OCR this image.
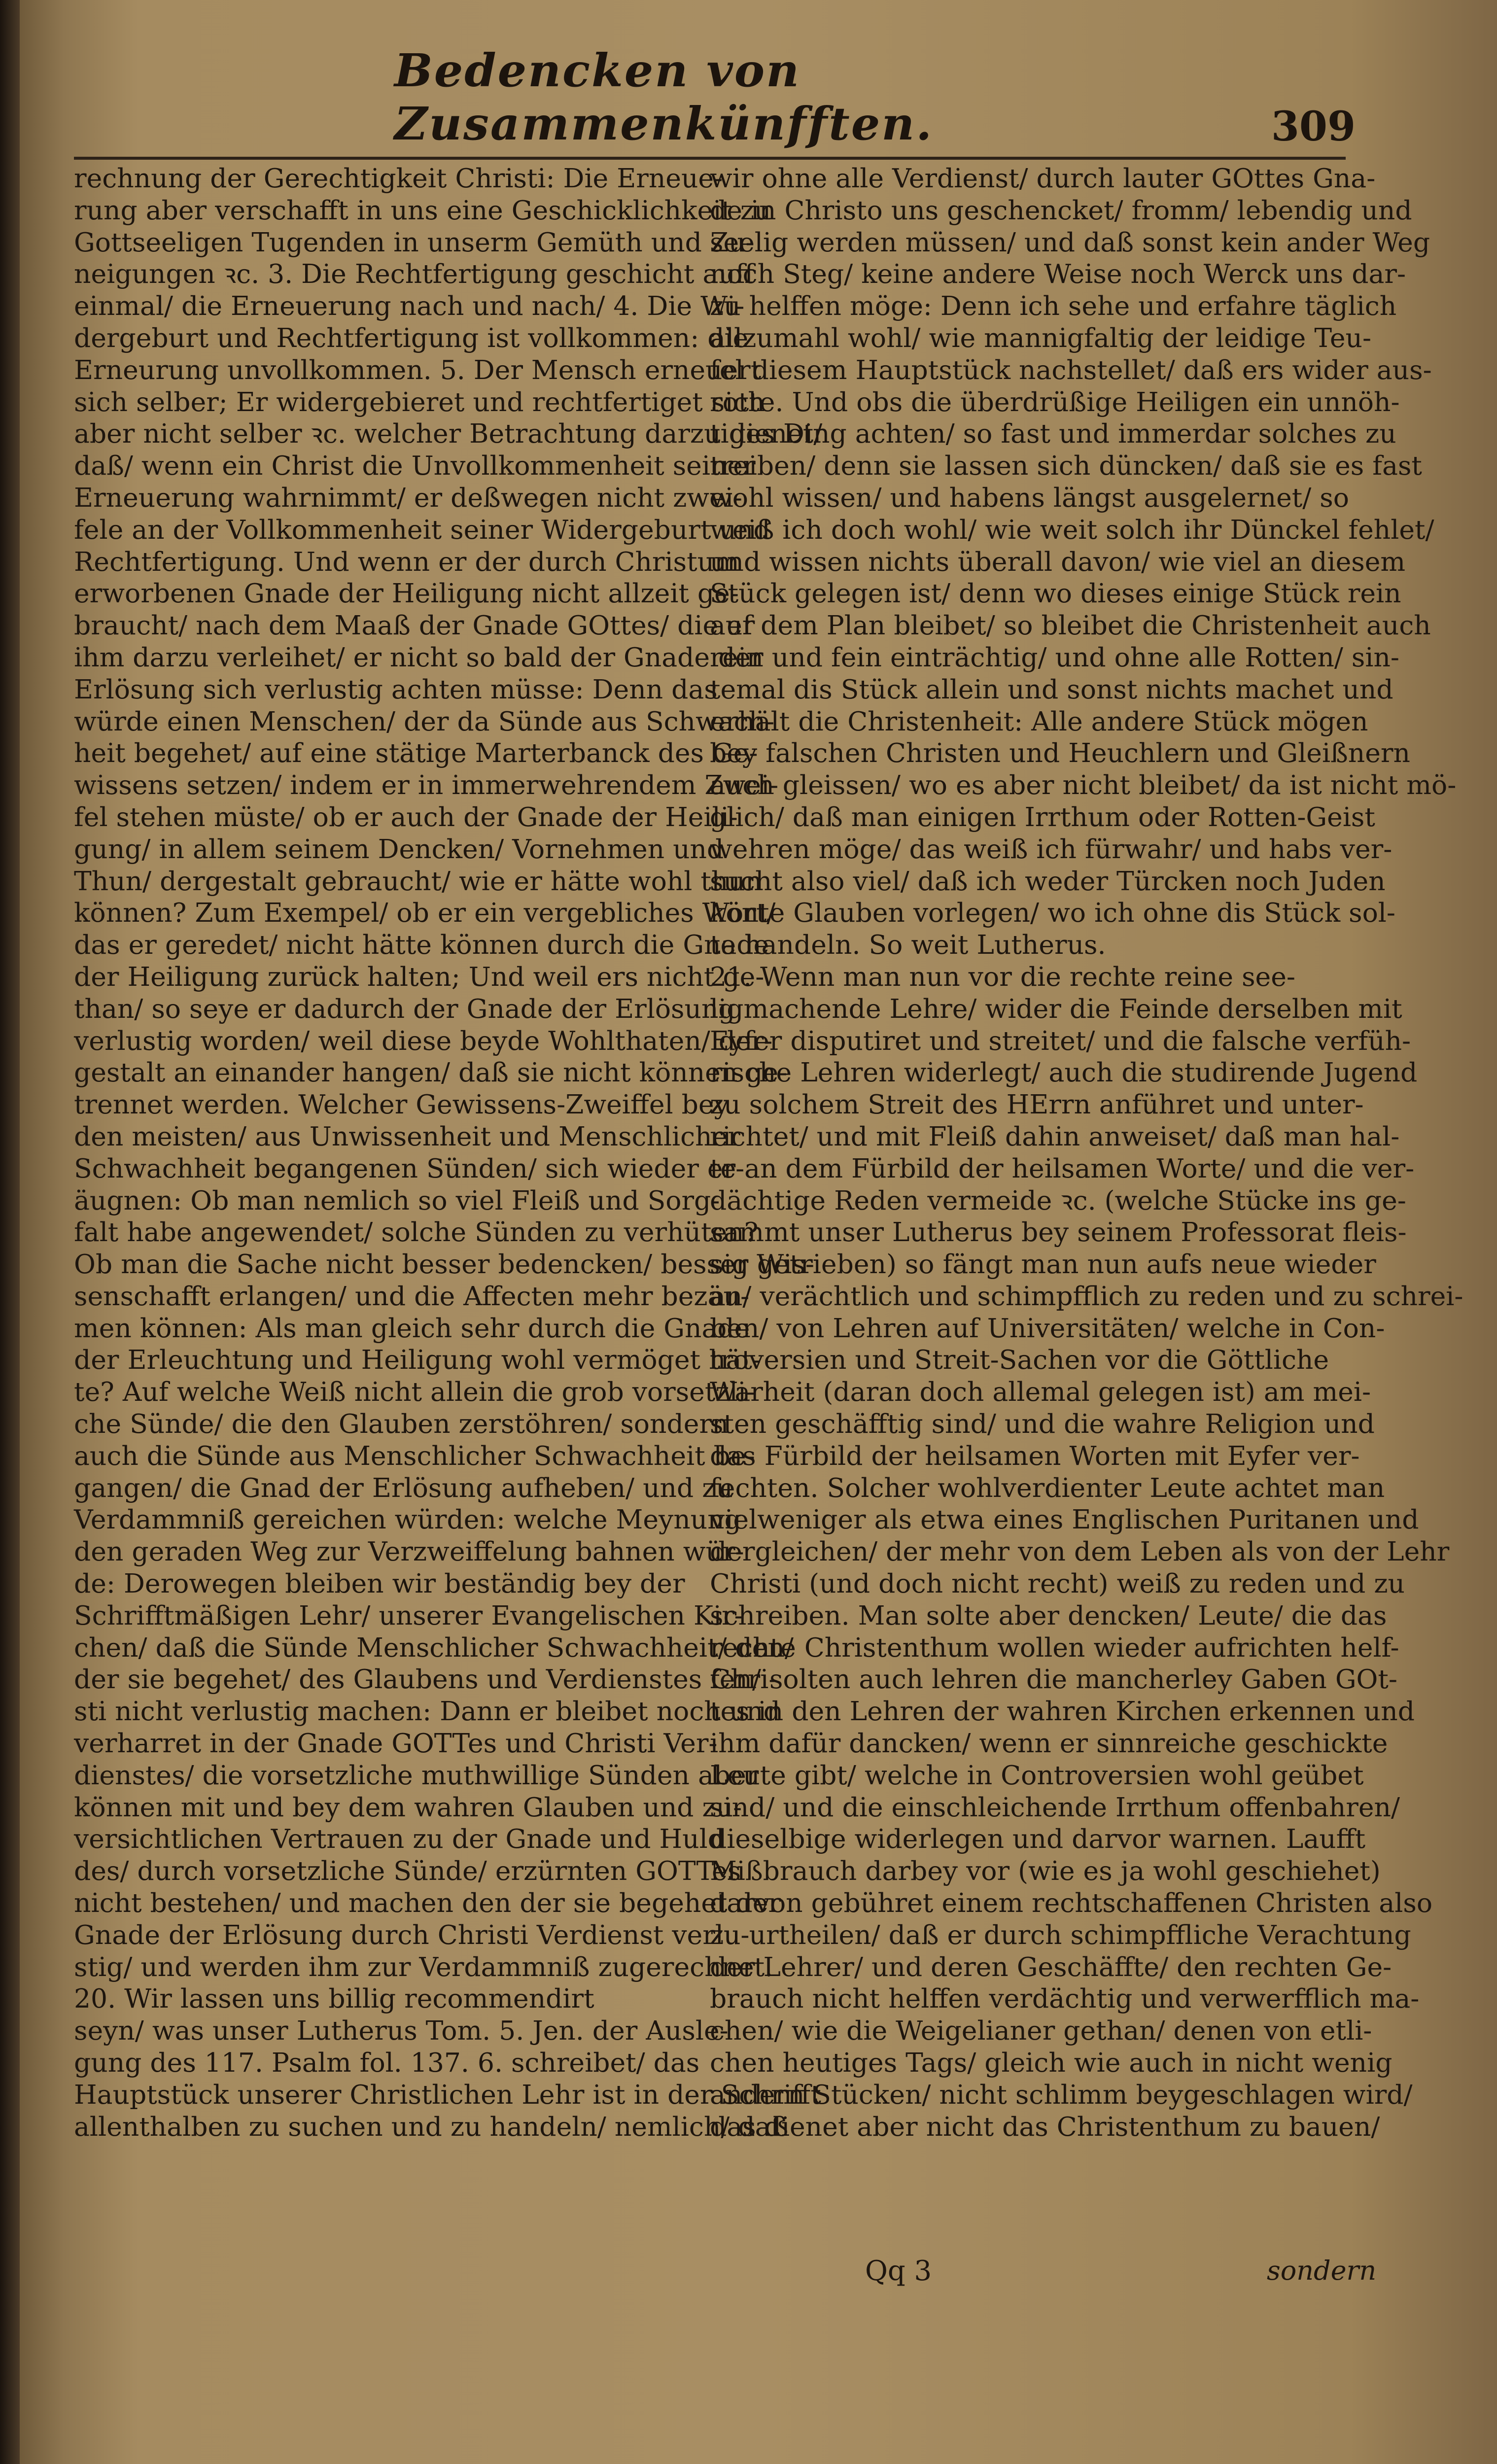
Bedencken von Zusammenkünfften.	309

rechnung der Gerechtigkeit Christi: Die Erneue-

rung aber verschafft in uns eine Geschicklichkeit zu

Gottseeligen Tugenden in unserm Gemüth und Zu-

neigungen ꝛc. 3. Die Rechtfertigung geschicht auff

einmal/ die Erneuerung nach und nach/ 4. Die Wi-

dergeburt und Rechtfertigung ist vollkommen: die

Erneurung unvollkommen. 5. Der Mensch erneuert

sich selber; Er widergebieret und rechtfertiget sich

aber nicht selber ꝛc. welcher Betrachtung darzu dienet/

daß/ wenn ein Christ die Unvollkommenheit seiner

Erneuerung wahrnimmt/ er deßwegen nicht zwei-

fele an der Vollkommenheit seiner Widergeburt und

Rechtfertigung. Und wenn er der durch Christum

erworbenen Gnade der Heiligung nicht allzeit ge-

braucht/ nach dem Maaß der Gnade GOttes/ die er

ihm darzu verleihet/ er nicht so bald der Gnade der

Erlösung sich verlustig achten müsse: Denn das

würde einen Menschen/ der da Sünde aus Schwach-

heit begehet/ auf eine stätige Marterbanck des Ge-

wissens setzen/ indem er in immerwehrendem Zwei-

fel stehen müste/ ob er auch der Gnade der Heili-

gung/ in allem seinem Dencken/ Vornehmen und

Thun/ dergestalt gebraucht/ wie er hätte wohl thun

können? Zum Exempel/ ob er ein vergebliches Wort/

das er geredet/ nicht hätte können durch die Gnade

der Heiligung zurück halten; Und weil ers nicht ge-

than/ so seye er dadurch der Gnade der Erlösung

verlustig worden/ weil diese beyde Wohlthaten/ der-

gestalt an einander hangen/ daß sie nicht können ge-

trennet werden. Welcher Gewissens-Zweiffel bey

den meisten/ aus Unwissenheit und Menschlicher

Schwachheit begangenen Sünden/ sich wieder er-

äugnen: Ob man nemlich so viel Fleiß und Sorg-

falt habe angewendet/ solche Sünden zu verhüten?

Ob man die Sache nicht besser bedencken/ besser Wis-

senschafft erlangen/ und die Affecten mehr bezäu-

men können: Als man gleich sehr durch die Gnade

der Erleuchtung und Heiligung wohl vermöget hät-

te? Auf welche Weiß nicht allein die grob vorsetzli-

che Sünde/ die den Glauben zerstöhren/ sondern

auch die Sünde aus Menschlicher Schwachheit be-

gangen/ die Gnad der Erlösung aufheben/ und zu

Verdammniß gereichen würden: welche Meynung

den geraden Weg zur Verzweiffelung bahnen wür-

de: Derowegen bleiben wir beständig bey der

Schrifftmäßigen Lehr/ unserer Evangelischen Kir-

chen/ daß die Sünde Menschlicher Schwachheit/ den/

der sie begehet/ des Glaubens und Verdienstes Chri-

sti nicht verlustig machen: Dann er bleibet noch und

verharret in der Gnade GOTTes und Christi Ver-

dienstes/ die vorsetzliche muthwillige Sünden aber

können mit und bey dem wahren Glauben und zu-

versichtlichen Vertrauen zu der Gnade und Huld

des/ durch vorsetzliche Sünde/ erzürnten GOTTes

nicht bestehen/ und machen den der sie begehet der

Gnade der Erlösung durch Christi Verdienst verlu-

stig/ und werden ihm zur Verdammniß zugerechnet.

20. Wir lassen uns billig recommendirt

seyn/ was unser Lutherus Tom. 5. Jen. der Ausle-

gung des 117. Psalm fol. 137. 6. schreibet/ das

Hauptstück unserer Christlichen Lehr ist in der Schrifft

allenthalben zu suchen und zu handeln/ nemlich/ daß

wir ohne alle Verdienst/ durch lauter GOttes Gna-

de in Christo uns geschencket/ fromm/ lebendig und

seelig werden müssen/ und daß sonst kein ander Weg

noch Steg/ keine andere Weise noch Werck uns dar-

zu helffen möge: Denn ich sehe und erfahre täglich

allzumahl wohl/ wie mannigfaltig der leidige Teu-

fel diesem Hauptstück nachstellet/ daß ers wider aus-

rotte. Und obs die überdrüßige Heiligen ein unnöh-

tiges Ding achten/ so fast und immerdar solches zu

treiben/ denn sie lassen sich düncken/ daß sie es fast

wohl wissen/ und habens längst ausgelernet/ so

weiß ich doch wohl/ wie weit solch ihr Dünckel fehlet/

und wissen nichts überall davon/ wie viel an diesem

Stück gelegen ist/ denn wo dieses einige Stück rein

auf dem Plan bleibet/ so bleibet die Christenheit auch

rein und fein einträchtig/ und ohne alle Rotten/ sin-

temal dis Stück allein und sonst nichts machet und

erhält die Christenheit: Alle andere Stück mögen

bey falschen Christen und Heuchlern und Gleißnern

auch gleissen/ wo es aber nicht bleibet/ da ist nicht mö-

glich/ daß man einigen Irrthum oder Rotten-Geist

wehren möge/ das weiß ich fürwahr/ und habs ver-

sucht also viel/ daß ich weder Türcken noch Juden

könte Glauben vorlegen/ wo ich ohne dis Stück sol-

te handeln. So weit Lutherus.

21. Wenn man nun vor die rechte reine see-

ligmachende Lehre/ wider die Feinde derselben mit

Eyfer disputiret und streitet/ und die falsche verfüh-

rische Lehren widerlegt/ auch die studirende Jugend

zu solchem Streit des HErrn anführet und unter-

richtet/ und mit Fleiß dahin anweiset/ daß man hal-

te an dem Fürbild der heilsamen Worte/ und die ver-

dächtige Reden vermeide ꝛc. (welche Stücke ins ge-

sammt unser Lutherus bey seinem Professorat fleis-

sig getrieben) so fängt man nun aufs neue wieder

an/ verächtlich und schimpfflich zu reden und zu schrei-

ben/ von Lehren auf Universitäten/ welche in Con-

troversien und Streit-Sachen vor die Göttliche

Warheit (daran doch allemal gelegen ist) am mei-

sten geschäfftig sind/ und die wahre Religion und

das Fürbild der heilsamen Worten mit Eyfer ver-

fechten. Solcher wohlverdienter Leute achtet man

vielweniger als etwa eines Englischen Puritanen und

dergleichen/ der mehr von dem Leben als von der Lehr

Christi (und doch nicht recht) weiß zu reden und zu

schreiben. Man solte aber dencken/ Leute/ die das

rechte Christenthum wollen wieder aufrichten helf-

fen/ solten auch lehren die mancherley Gaben GOt-

tes in den Lehren der wahren Kirchen erkennen und

ihm dafür dancken/ wenn er sinnreiche geschickte

Leute gibt/ welche in Controversien wohl geübet

sind/ und die einschleichende Irrthum offenbahren/

dieselbige widerlegen und darvor warnen. Laufft

Mißbrauch darbey vor (wie es ja wohl geschiehet)

darvon gebühret einem rechtschaffenen Christen also

zu urtheilen/ daß er durch schimpffliche Verachtung

der Lehrer/ und deren Geschäffte/ den rechten Ge-

brauch nicht helffen verdächtig und verwerfflich ma-

chen/ wie die Weigelianer gethan/ denen von etli-

chen heutiges Tags/ gleich wie auch in nicht wenig

andern Stücken/ nicht schlimm beygeschlagen wird/

das dienet aber nicht das Christenthum zu bauen/

Qq 3	sondern
